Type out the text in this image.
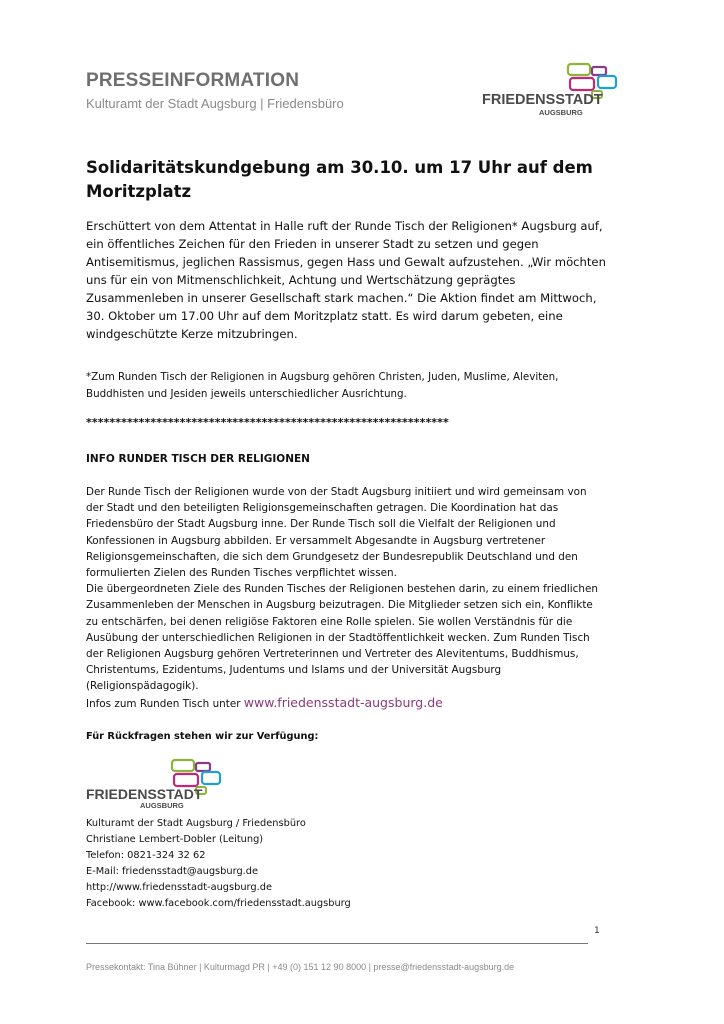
PRESSEINFORMATION
Kulturamt der Stadt Augsburg | Friedensbüro	FRIEDENSSTADT
AUGSBURG
Solidaritätskundgebung am 30.10. um 17 Uhr auf dem Moritzplatz
Erschüttert von dem Attentat in Halle ruft der Runde Tisch der Religionen* Augsburg auf, ein öffentliches Zeichen für den Frieden in unserer Stadt zu setzen und gegen Antisemitismus, jeglichen Rassismus, gegen Hass und Gewalt aufzustehen. „Wir möchten uns für ein von Mitmenschlichkeit, Achtung und Wertschätzung geprägtes Zusammenleben in unserer Gesellschaft stark machen.“ Die Aktion findet am Mittwoch, 30. Oktober um 17.00 Uhr auf dem Moritzplatz statt. Es wird darum gebeten, eine windgeschützte Kerze mitzubringen.
*Zum Runden Tisch der Religionen in Augsburg gehören Christen, Juden, Muslime, Aleviten, Buddhisten und Jesiden jeweils unterschiedlicher Ausrichtung.
**************************************************************
INFO RUNDER TISCH DER RELIGIONEN
Der Runde Tisch der Religionen wurde von der Stadt Augsburg initiiert und wird gemeinsam von der Stadt und den beteiligten Religionsgemeinschaften getragen. Die Koordination hat das Friedensbüro der Stadt Augsburg inne. Der Runde Tisch soll die Vielfalt der Religionen und Konfessionen in Augsburg abbilden. Er versammelt Abgesandte in Augsburg vertretener Religionsgemeinschaften, die sich dem Grundgesetz der Bundesrepublik Deutschland und den formulierten Zielen des Runden Tisches verpflichtet wissen.
Die übergeordneten Ziele des Runden Tisches der Religionen bestehen darin, zu einem friedlichen Zusammenleben der Menschen in Augsburg beizutragen. Die Mitglieder setzen sich ein, Konflikte zu entschärfen, bei denen religiöse Faktoren eine Rolle spielen. Sie wollen Verständnis für die Ausübung der unterschiedlichen Religionen in der Stadtöffentlichkeit wecken. Zum Runden Tisch der Religionen Augsburg gehören Vertreterinnen und Vertreter des Alevitentums, Buddhismus, Christentums, Ezidentums, Judentums und Islams und der Universität Augsburg (Religionspädagogik).
Infos zum Runden Tisch unter www.friedensstadt-augsburg.de
Für Rückfragen stehen wir zur Verfügung:
FRIEDENSSTADT
AUGSBURG
Kulturamt der Stadt Augsburg / Friedensbüro
Christiane Lembert-Dobler (Leitung)
Telefon: 0821-324 32 62
E-Mail: friedensstadt@augsburg.de
http://www.friedensstadt-augsburg.de
Facebook: www.facebook.com/friedensstadt.augsburg
1
Pressekontakt: Tina Bühner | Kulturmagd PR | +49 (0) 151 12 90 8000 | presse@friedensstadt-augsburg.de
